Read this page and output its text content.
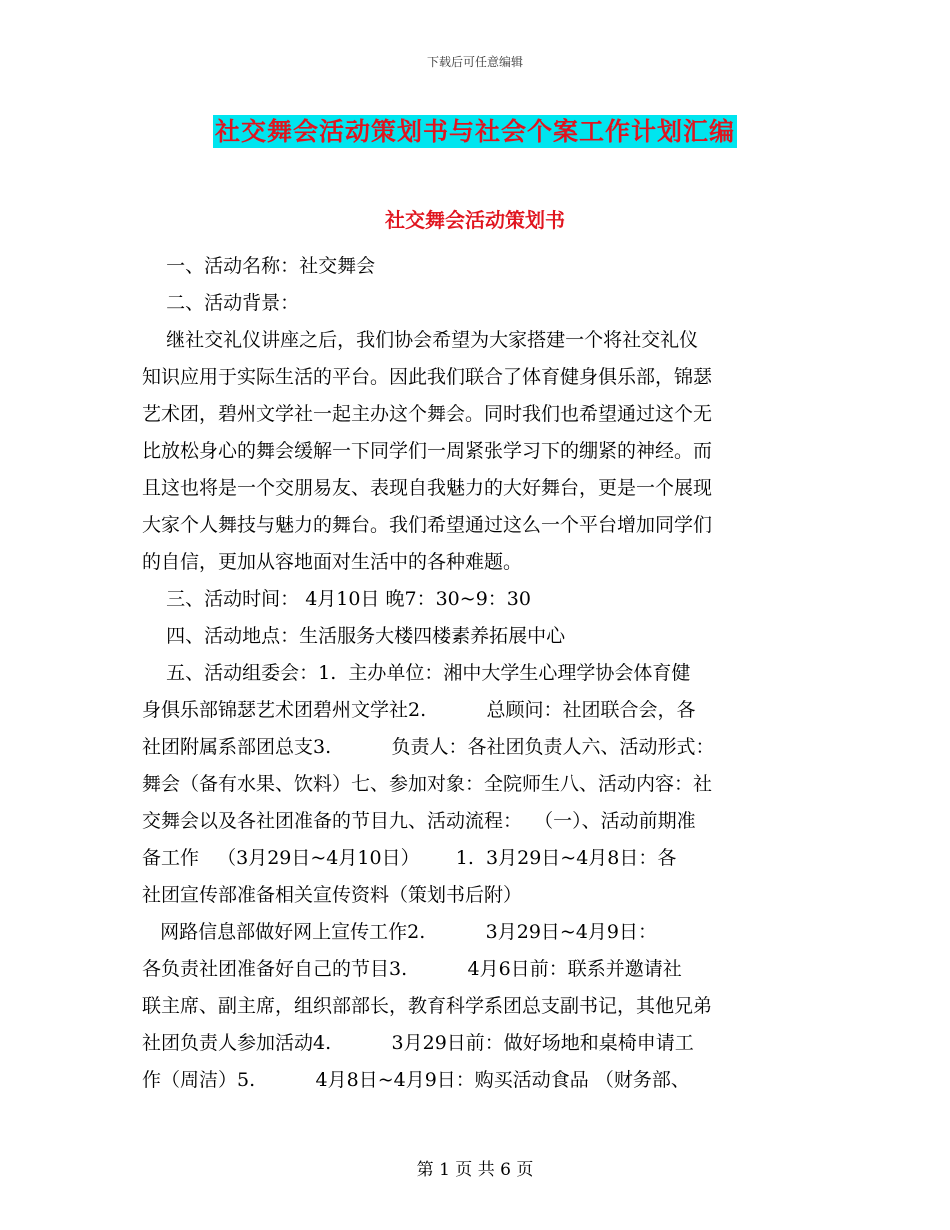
下载后可任意编辑
社交舞会活动策划书与社会个案工作计划汇编
社交舞会活动策划书
一、活动名称：社交舞会
二、活动背景：
继社交礼仪讲座之后，我们协会希望为大家搭建一个将社交礼仪
知识应用于实际生活的平台。因此我们联合了体育健身俱乐部，锦瑟
艺术团，碧州文学社一起主办这个舞会。同时我们也希望通过这个无
比放松身心的舞会缓解一下同学们一周紧张学习下的绷紧的神经。而
且这也将是一个交朋易友、表现自我魅力的大好舞台，更是一个展现
大家个人舞技与魅力的舞台。我们希望通过这么一个平台增加同学们
的自信，更加从容地面对生活中的各种难题。
三、活动时间： 4月10日 晚7：30~9：30
四、活动地点：生活服务大楼四楼素养拓展中心
五、活动组委会：1.  主办单位：湘中大学生心理学协会体育健
身俱乐部锦瑟艺术团碧州文学社2.          总顾问：社团联合会，各
社团附属系部团总支3.          负责人：各社团负责人六、活动形式：
舞会（备有水果、饮料）七、参加对象：全院师生八、活动内容：社
交舞会以及各社团准备的节目九、活动流程：  （一）、活动前期准
备工作   （3月29日~4月10日）      1.  3月29日~4月8日：各
社团宣传部准备相关宣传资料（策划书后附）
网路信息部做好网上宣传工作2.          3月29日~4月9日：
各负责社团准备好自己的节目3.          4月6日前：联系并邀请社
联主席、副主席，组织部部长，教育科学系团总支副书记，其他兄弟
社团负责人参加活动4.          3月29日前：做好场地和桌椅申请工
作（周洁）5.          4月8日~4月9日：购买活动食品 （财务部、
第 1 页 共 6 页
